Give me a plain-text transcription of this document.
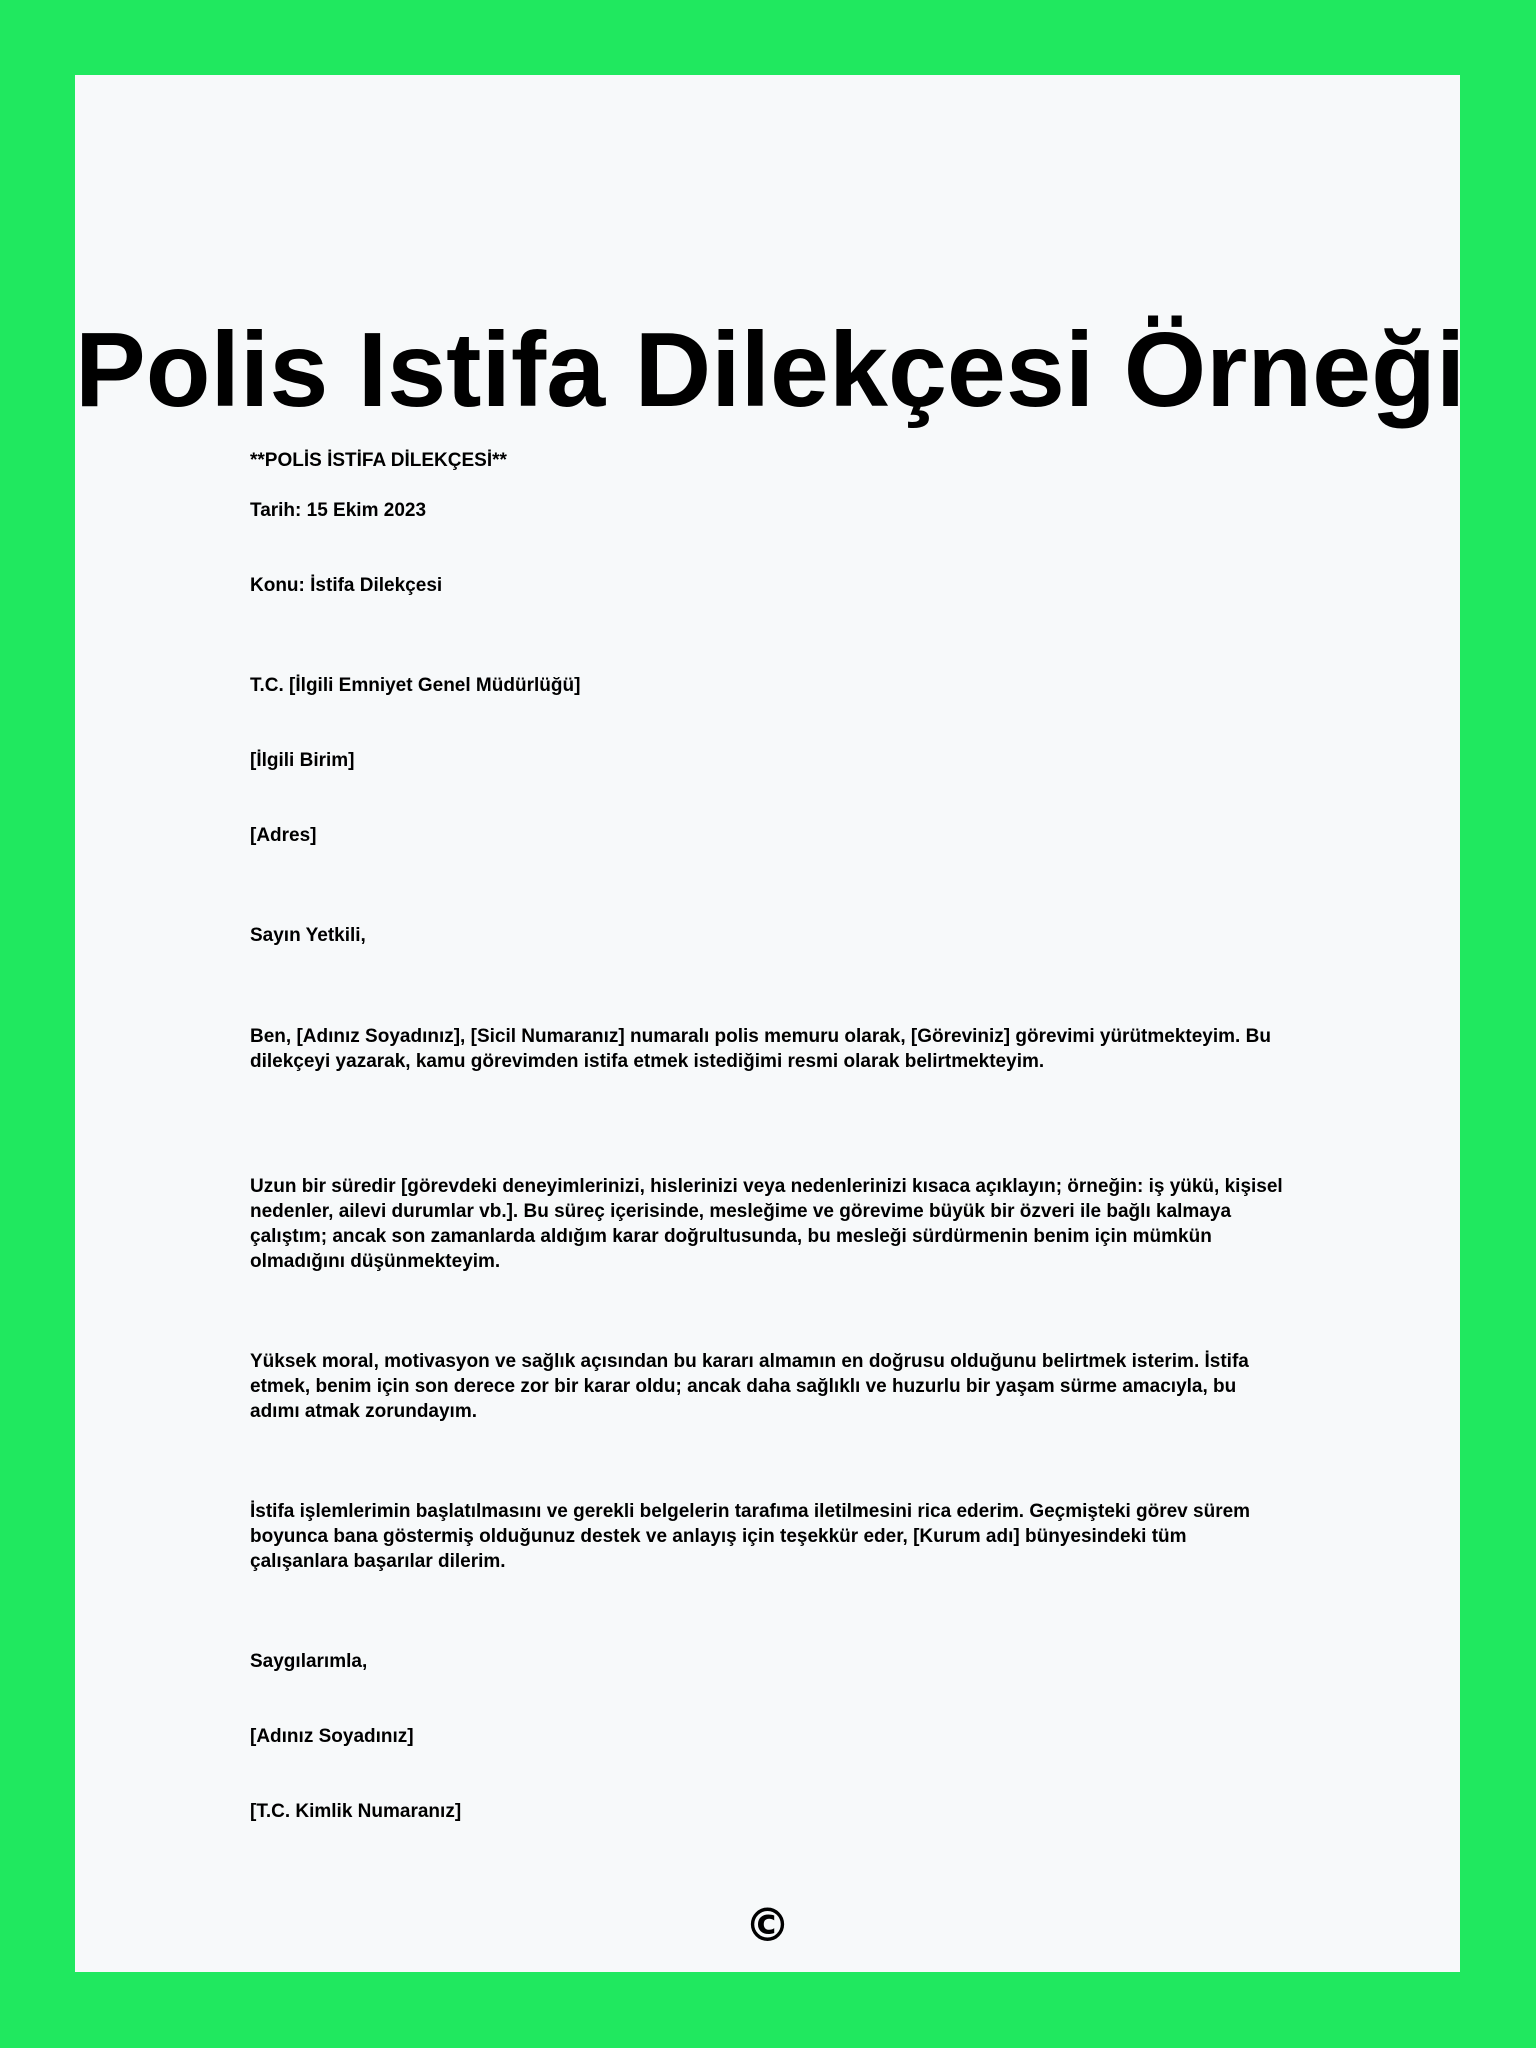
Polis Istifa Dilekçesi Örneği

**POLİS İSTİFA DİLEKÇESİ**

Tarih: 15 Ekim 2023

Konu: İstifa Dilekçesi

T.C. [İlgili Emniyet Genel Müdürlüğü]

[İlgili Birim]

[Adres]

Sayın Yetkili,

Ben, [Adınız Soyadınız], [Sicil Numaranız] numaralı polis memuru olarak, [Göreviniz] görevimi yürütmekteyim. Bu dilekçeyi yazarak, kamu görevimden istifa etmek istediğimi resmi olarak belirtmekteyim.

Uzun bir süredir [görevdeki deneyimlerinizi, hislerinizi veya nedenlerinizi kısaca açıklayın; örneğin: iş yükü, kişisel nedenler, ailevi durumlar vb.]. Bu süreç içerisinde, mesleğime ve görevime büyük bir özveri ile bağlı kalmaya çalıştım; ancak son zamanlarda aldığım karar doğrultusunda, bu mesleği sürdürmenin benim için mümkün olmadığını düşünmekteyim.

Yüksek moral, motivasyon ve sağlık açısından bu kararı almamın en doğrusu olduğunu belirtmek isterim. İstifa etmek, benim için son derece zor bir karar oldu; ancak daha sağlıklı ve huzurlu bir yaşam sürme amacıyla, bu adımı atmak zorundayım.

İstifa işlemlerimin başlatılmasını ve gerekli belgelerin tarafıma iletilmesini rica ederim. Geçmişteki görev sürem boyunca bana göstermiş olduğunuz destek ve anlayış için teşekkür eder, [Kurum adı] bünyesindeki tüm çalışanlara başarılar dilerim.

Saygılarımla,

[Adınız Soyadınız]

[T.C. Kimlik Numaranız]

©
